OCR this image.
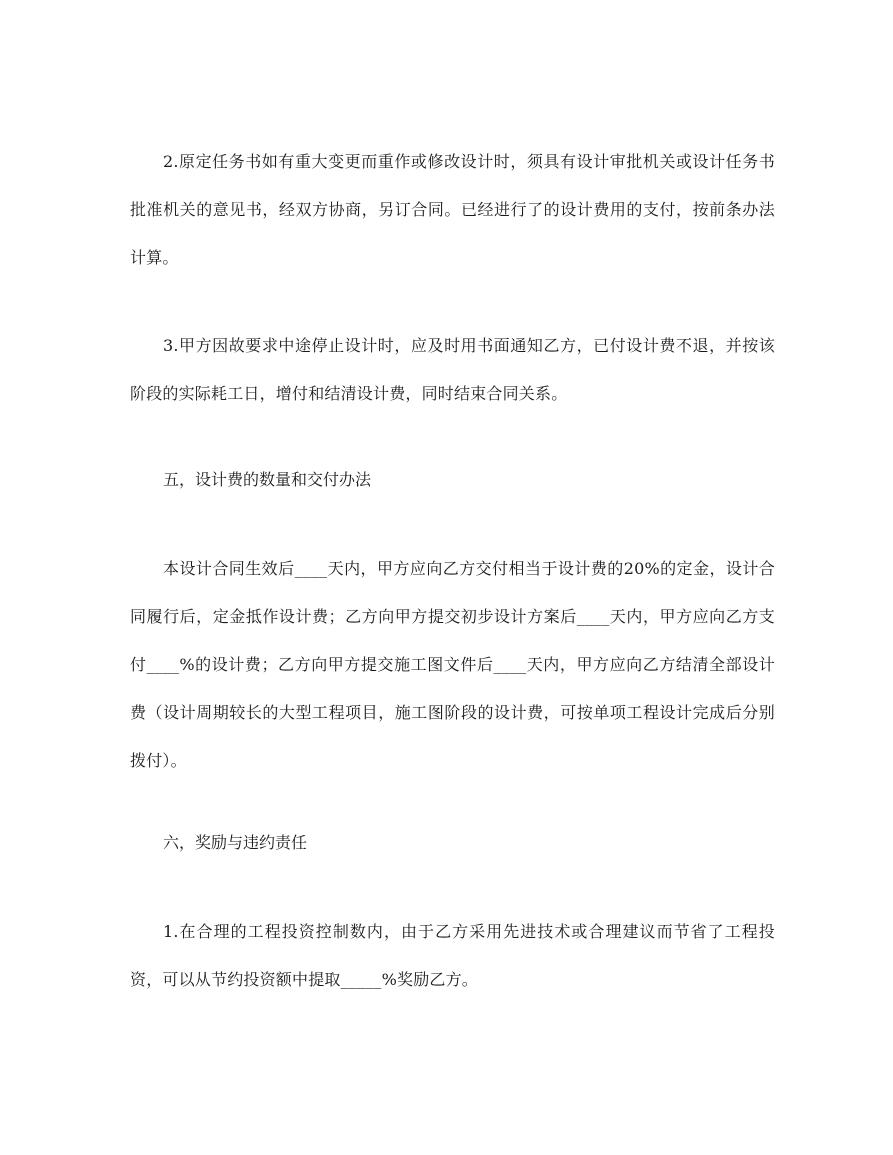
2.原定任务书如有重大变更而重作或修改设计时，须具有设计审批机关或设计任务书批准机关的意见书，经双方协商，另订合同。已经进行了的设计费用的支付，按前条办法计算。

3.甲方因故要求中途停止设计时，应及时用书面通知乙方，已付设计费不退，并按该阶段的实际耗工日，增付和结清设计费，同时结束合同关系。

五，设计费的数量和交付办法

本设计合同生效后____天内，甲方应向乙方交付相当于设计费的20%的定金，设计合同履行后，定金抵作设计费；乙方向甲方提交初步设计方案后____天内，甲方应向乙方支付____%的设计费；乙方向甲方提交施工图文件后____天内，甲方应向乙方结清全部设计费（设计周期较长的大型工程项目，施工图阶段的设计费，可按单项工程设计完成后分别拨付）。

六，奖励与违约责任

1.在合理的工程投资控制数内，由于乙方采用先进技术或合理建议而节省了工程投资，可以从节约投资额中提取_____%奖励乙方。
